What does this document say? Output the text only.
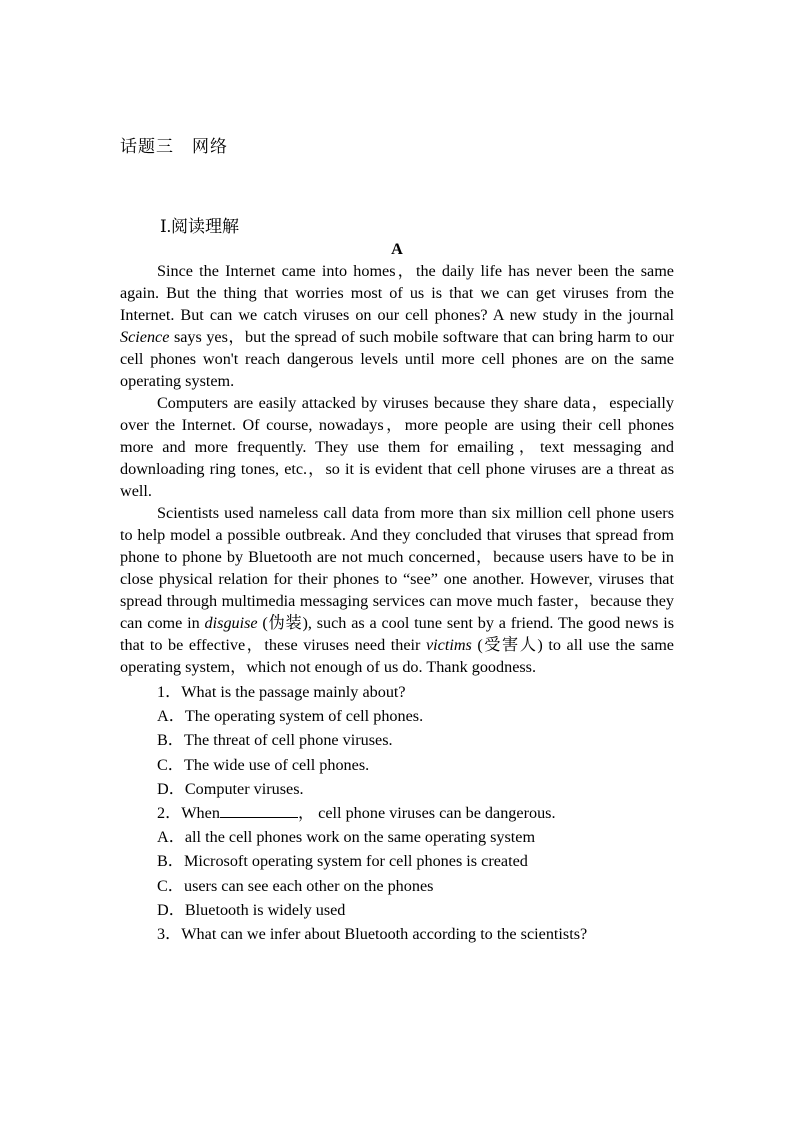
话题三　网络
Ⅰ.阅读理解

A

Since the Internet came into homes，the daily life has never been the same again. But the thing that worries most of us is that we can get viruses from the Internet. But can we catch viruses on our cell phones? A new study in the journal Science says yes，but the spread of such mobile software that can bring harm to our cell phones won't reach dangerous levels until more cell phones are on the same operating system.

Computers are easily attacked by viruses because they share data，especially over the Internet. Of course, nowadays，more people are using their cell phones more and more frequently. They use them for emailing，text messaging and downloading ring tones, etc.，so it is evident that cell phone viruses are a threat as well.

Scientists used nameless call data from more than six million cell phone users to help model a possible outbreak. And they concluded that viruses that spread from phone to phone by Bluetooth are not much concerned，because users have to be in close physical relation for their phones to “see” one another. However, viruses that spread through multimedia messaging services can move much faster，because they can come in disguise (伪装), such as a cool tune sent by a friend. The good news is that to be effective，these viruses need their victims (受害人) to all use the same operating system，which not enough of us do. Thank goodness.

1．What is the passage mainly about?

A．The operating system of cell phones.

B．The threat of cell phone viruses.

C．The wide use of cell phones.

D．Computer viruses.

2．When	， cell phone viruses can be dangerous.

A．all the cell phones work on the same operating system

B．Microsoft operating system for cell phones is created

C．users can see each other on the phones

D．Bluetooth is widely used

3．What can we infer about Bluetooth according to the scientists?
